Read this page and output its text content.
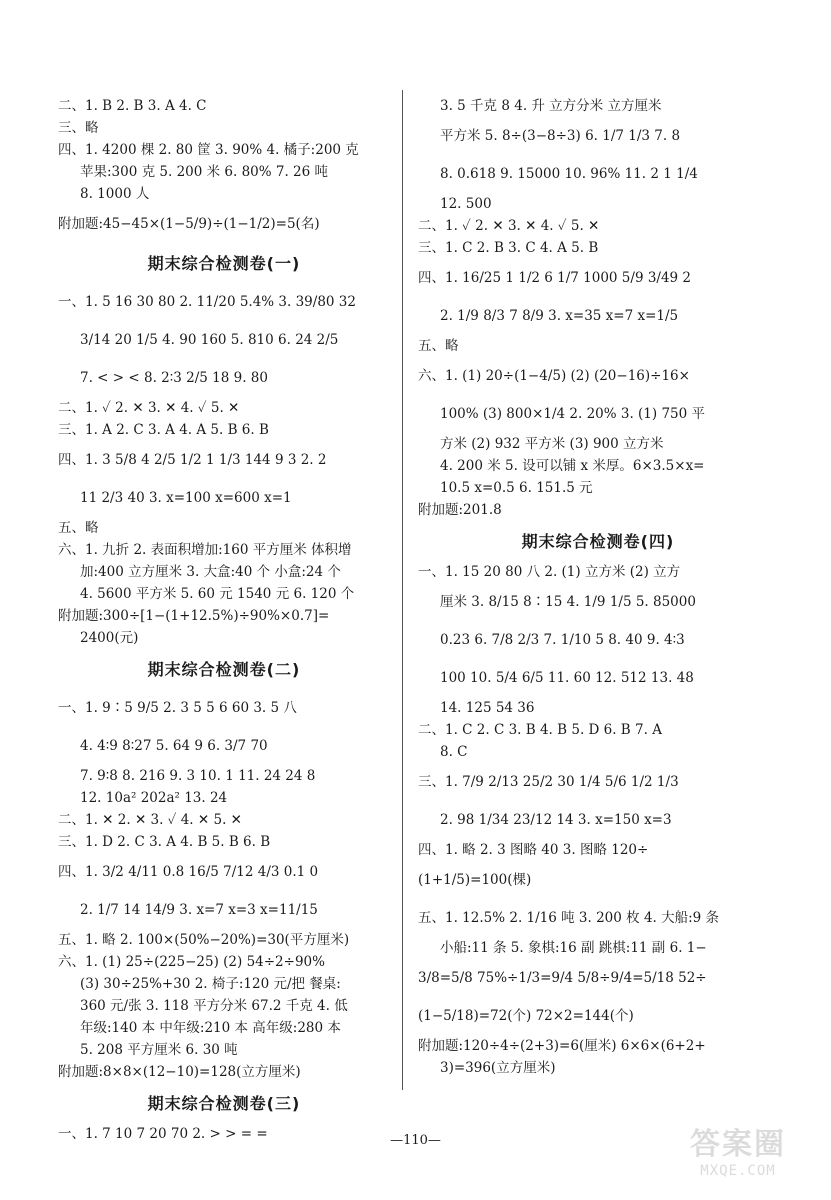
二、1. B 2. B 3. A 4. C
三、略
四、1. 4200 棵 2. 80 筐 3. 90% 4. 橘子:200 克
苹果:300 克 5. 200 米 6. 80% 7. 26 吨
8. 1000 人
附加题:45−45×(1−5/9)÷(1−1/2)=5(名)
期末综合检测卷(一)
一、1. 5 16 30 80 2. 11/20 5.4% 3. 39/80 32
3/14 20 1/5 4. 90 160 5. 810 6. 24 2/5
7. < > < 8. 2∶3 2/5 18 9. 80
二、1. ✓ 2. ✕ 3. ✕ 4. ✓ 5. ✕
三、1. A 2. C 3. A 4. A 5. B 6. B
四、1. 3 5/8 4 2/5 1/2 1 1/3 144 9 3 2. 2
11 2/3 40 3. x=100 x=600 x=1
五、略
六、1. 九折 2. 表面积增加:160 平方厘米 体积增
加:400 立方厘米 3. 大盒:40 个 小盒:24 个
4. 5600 平方米 5. 60 元 1540 元 6. 120 个
附加题:300÷[1−(1+12.5%)÷90%×0.7]=
2400(元)
期末综合检测卷(二)
一、1. 9∶5 9/5 2. 3 5 5 6 60 3. 5 八
4. 4∶9 8∶27 5. 64 9 6. 3/7 70
7. 9∶8 8. 216 9. 3 10. 1 11. 24 24 8
12. 10a² 202a² 13. 24
二、1. ✕ 2. ✕ 3. ✓ 4. ✕ 5. ✕
三、1. D 2. C 3. A 4. B 5. B 6. B
四、1. 3/2 4/11 0.8 16/5 7/12 4/3 0.1 0
2. 1/7 14 14/9 3. x=7 x=3 x=11/15
五、1. 略 2. 100×(50%−20%)=30(平方厘米)
六、1. (1) 25÷(225−25) (2) 54÷2÷90%
(3) 30÷25%+30 2. 椅子:120 元/把 餐桌:
360 元/张 3. 118 平方分米 67.2 千克 4. 低
年级:140 本 中年级:210 本 高年级:280 本
5. 208 平方厘米 6. 30 吨
附加题:8×8×(12−10)=128(立方厘米)
期末综合检测卷(三)
一、1. 7 10 7 20 70 2. > > = =
3. 5 千克 8 4. 升 立方分米 立方厘米
平方米 5. 8÷(3−8÷3) 6. 1/7 1/3 7. 8
8. 0.618 9. 15000 10. 96% 11. 2 1 1/4
12. 500
二、1. ✓ 2. ✕ 3. ✕ 4. ✓ 5. ✕
三、1. C 2. B 3. C 4. A 5. B
四、1. 16/25 1 1/2 6 1/7 1000 5/9 3/49 2
2. 1/9 8/3 7 8/9 3. x=35 x=7 x=1/5
五、略
六、1. (1) 20÷(1−4/5) (2) (20−16)÷16×
100% (3) 800×1/4 2. 20% 3. (1) 750 平
方米 (2) 932 平方米 (3) 900 立方米
4. 200 米 5. 设可以铺 x 米厚。6×3.5×x=
10.5 x=0.5 6. 151.5 元
附加题:201.8
期末综合检测卷(四)
一、1. 15 20 80 八 2. (1) 立方米 (2) 立方
厘米 3. 8/15 8∶15 4. 1/9 1/5 5. 85000
0.23 6. 7/8 2/3 7. 1/10 5 8. 40 9. 4∶3
100 10. 5/4 6/5 11. 60 12. 512 13. 48
14. 125 54 36
二、1. C 2. C 3. B 4. B 5. D 6. B 7. A
8. C
三、1. 7/9 2/13 25/2 30 1/4 5/6 1/2 1/3
2. 98 1/34 23/12 14 3. x=150 x=3
四、1. 略 2. 3 图略 40 3. 图略 120÷
(1+1/5)=100(棵)
五、1. 12.5% 2. 1/16 吨 3. 200 枚 4. 大船:9 条
小船:11 条 5. 象棋:16 副 跳棋:11 副 6. 1−
3/8=5/8 75%÷1/3=9/4 5/8÷9/4=5/18 52÷
(1−5/18)=72(个) 72×2=144(个)
附加题:120÷4÷(2+3)=6(厘米) 6×6×(6+2+
3)=396(立方厘米)
—110—	答案圈
MXQE.COM
